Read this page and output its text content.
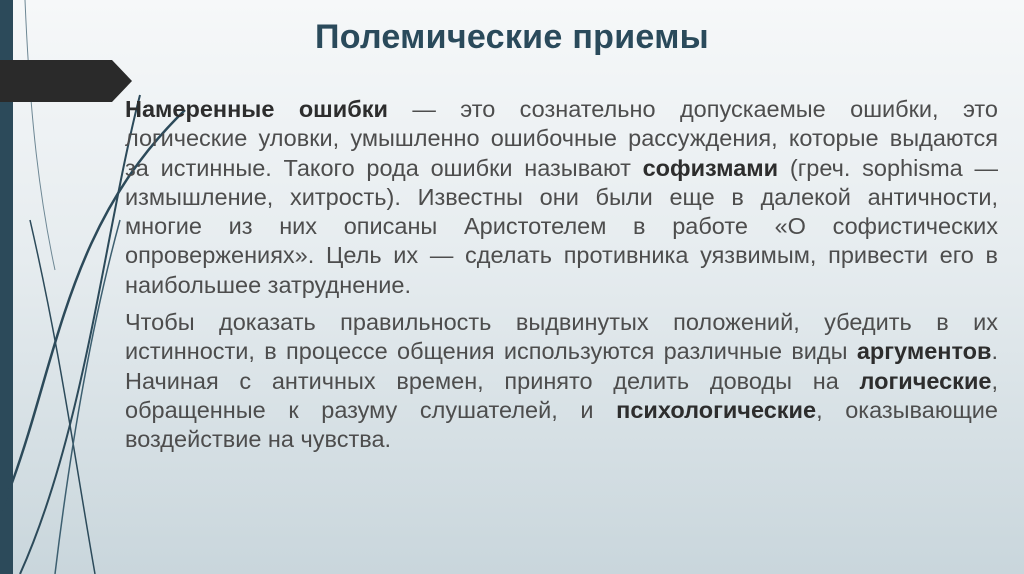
Полемические приемы

Намеренные ошибки — это сознательно допускаемые ошибки, это логические уловки, умышленно ошибочные рассуждения, которые выдаются за истинные. Такого рода ошибки называют софизмами (греч. sophisma — измышление, хитрость). Известны они были еще в далекой античности, многие из них описаны Аристотелем в работе «О софистических опровержениях». Цель их — сделать противника уязвимым, привести его в наибольшее затруднение.

Чтобы доказать правильность выдвинутых положений, убедить в их истинности, в процессе общения используются различные виды аргументов. Начиная с античных времен, принято делить доводы на логические, обращенные к разуму слушателей, и психологические, оказывающие воздействие на чувства.
